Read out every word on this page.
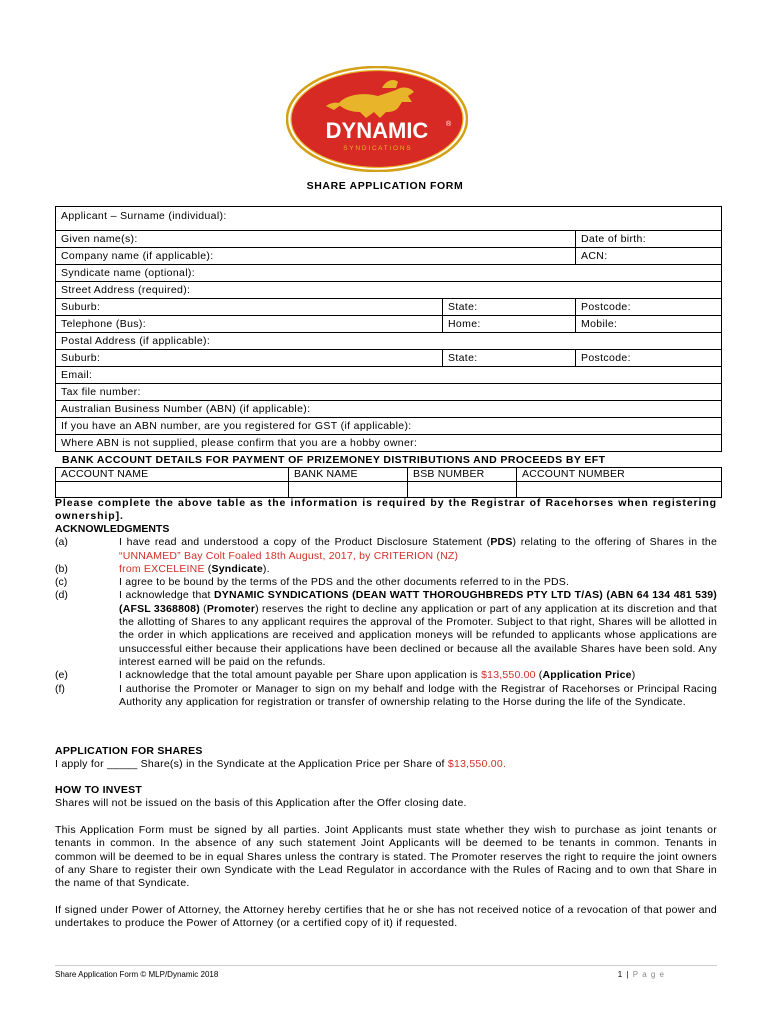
DYNAMIC	®
S Y N D I C A T I O N S
SHARE APPLICATION FORM
Applicant – Surname (individual):		
Given name(s):		Date of birth:
Company name (if applicable):		ACN:
Syndicate name (optional):		
Street Address (required):		
Suburb:	State:	Postcode:
Telephone (Bus):	Home:	Mobile:
Postal Address (if applicable):		
Suburb:	State:	Postcode:
Email:		
Tax file number:		
Australian Business Number (ABN) (if applicable):		
If you have an ABN number, are you registered for GST (if applicable):		
Where ABN is not supplied, please confirm that you are a hobby owner:		
BANK ACCOUNT DETAILS FOR PAYMENT OF PRIZEMONEY DISTRIBUTIONS AND PROCEEDS BY EFT
ACCOUNT NAME	BANK NAME	BSB NUMBER	ACCOUNT NUMBER

Please complete the above table as the information is required by the Registrar of Racehorses when registering ownership].
ACKNOWLEDGMENTS
(a)	I have read and understood a copy of the Product Disclosure Statement (PDS) relating to the offering of Shares in the “UNNAMED” Bay Colt Foaled 18th August, 2017, by CRITERION (NZ)
(b)	from EXCELEINE (Syndicate).
(c)	I agree to be bound by the terms of the PDS and the other documents referred to in the PDS.
(d)	I acknowledge that DYNAMIC SYNDICATIONS (DEAN WATT THOROUGHBREDS PTY LTD T/AS) (ABN 64 134 481 539) (AFSL 3368808) (Promoter) reserves the right to decline any application or part of any application at its discretion and that the allotting of Shares to any applicant requires the approval of the Promoter. Subject to that right, Shares will be allotted in the order in which applications are received and application moneys will be refunded to applicants whose applications are unsuccessful either because their applications have been declined or because all the available Shares have been sold. Any interest earned will be paid on the refunds.
(e)	I acknowledge that the total amount payable per Share upon application is $13,550.00 (Application Price)
(f)	I authorise the Promoter or Manager to sign on my behalf and lodge with the Registrar of Racehorses or Principal Racing Authority any application for registration or transfer of ownership relating to the Horse during the life of the Syndicate.
APPLICATION FOR SHARES
I apply for _____ Share(s) in the Syndicate at the Application Price per Share of $13,550.00.
HOW TO INVEST
Shares will not be issued on the basis of this Application after the Offer closing date.
This Application Form must be signed by all parties. Joint Applicants must state whether they wish to purchase as joint tenants or tenants in common. In the absence of any such statement Joint Applicants will be deemed to be tenants in common. Tenants in common will be deemed to be in equal Shares unless the contrary is stated. The Promoter reserves the right to require the joint owners of any Share to register their own Syndicate with the Lead Regulator in accordance with the Rules of Racing and to own that Share in the name of that Syndicate.
If signed under Power of Attorney, the Attorney hereby certifies that he or she has not received notice of a revocation of that power and undertakes to produce the Power of Attorney (or a certified copy of it) if requested.
Share Application Form © MLP/Dynamic 2018	1 | P a g e
